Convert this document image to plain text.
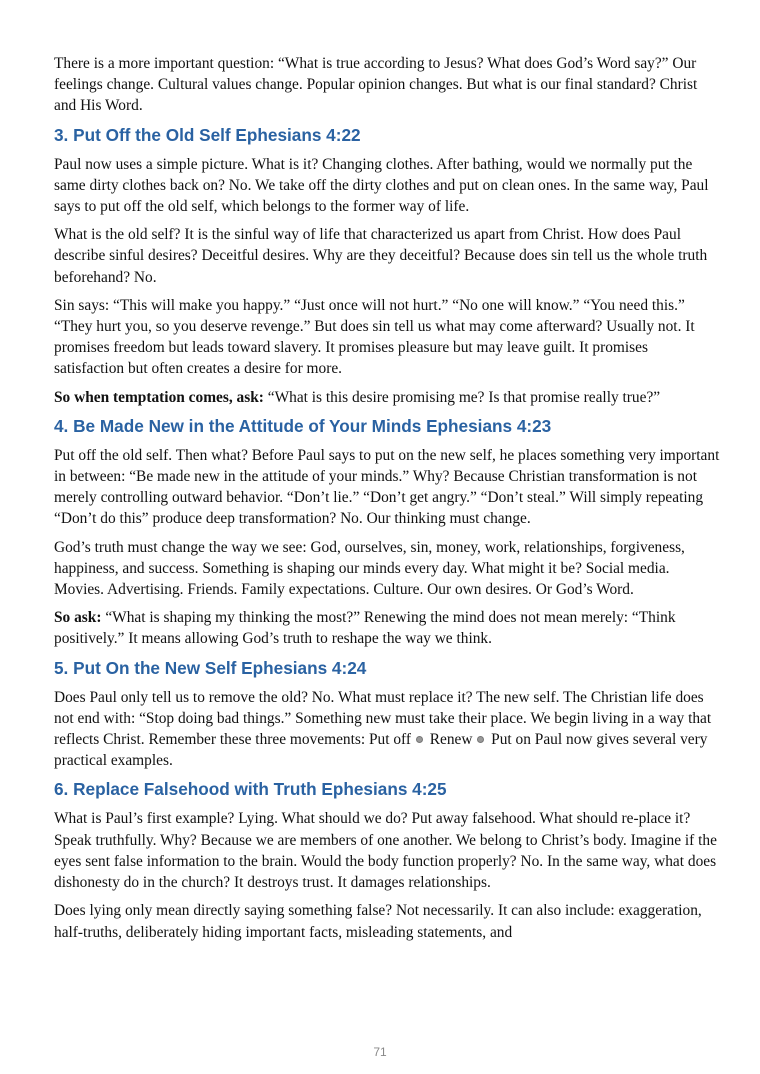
There is a more important question: “What is true according to Jesus? What does God’s Word say?” Our feelings change. Cultural values change. Popular opinion changes. But what is our final standard? Christ and His Word.

3. Put Off the Old Self Ephesians 4:22

Paul now uses a simple picture. What is it? Changing clothes. After bathing, would we normally put the same dirty clothes back on? No. We take off the dirty clothes and put on clean ones. In the same way, Paul says to put off the old self, which belongs to the former way of life.

What is the old self? It is the sinful way of life that characterized us apart from Christ. How does Paul describe sinful desires? Deceitful desires. Why are they deceitful? Because does sin tell us the whole truth beforehand? No.

Sin says: “This will make you happy.” “Just once will not hurt.” “No one will know.” “You need this.” “They hurt you, so you deserve revenge.” But does sin tell us what may come afterward? Usually not. It promises freedom but leads toward slavery. It promises pleasure but may leave guilt. It promises satisfaction but often creates a desire for more.

So when temptation comes, ask: “What is this desire promising me? Is that promise really true?”

4. Be Made New in the Attitude of Your Minds Ephesians 4:23

Put off the old self. Then what? Before Paul says to put on the new self, he places something very important in between: “Be made new in the attitude of your minds.” Why? Because Christian transformation is not merely controlling outward behavior. “Don’t lie.” “Don’t get angry.” “Don’t steal.” Will simply repeating “Don’t do this” produce deep transformation? No. Our thinking must change.

God’s truth must change the way we see: God, ourselves, sin, money, work, relationships, forgiveness, happiness, and success. Something is shaping our minds every day. What might it be? Social media. Movies. Advertising. Friends. Family expectations. Culture. Our own desires. Or God’s Word.

So ask: “What is shaping my thinking the most?” Renewing the mind does not mean merely: “Think positively.” It means allowing God’s truth to reshape the way we think.

5. Put On the New Self Ephesians 4:24

Does Paul only tell us to remove the old? No. What must replace it? The new self. The Christian life does not end with: “Stop doing bad things.” Something new must take their place. We begin living in a way that reflects Christ. Remember these three movements: Put off  Renew  Put on Paul now gives several very practical examples.

6. Replace Falsehood with Truth Ephesians 4:25

What is Paul’s first example? Lying. What should we do? Put away falsehood. What should re-place it? Speak truthfully. Why? Because we are members of one another. We belong to Christ’s body. Imagine if the eyes sent false information to the brain. Would the body function properly? No. In the same way, what does dishonesty do in the church? It destroys trust. It damages relationships.

Does lying only mean directly saying something false? Not necessarily. It can also include: exaggeration, half-truths, deliberately hiding important facts, misleading statements, and

71
